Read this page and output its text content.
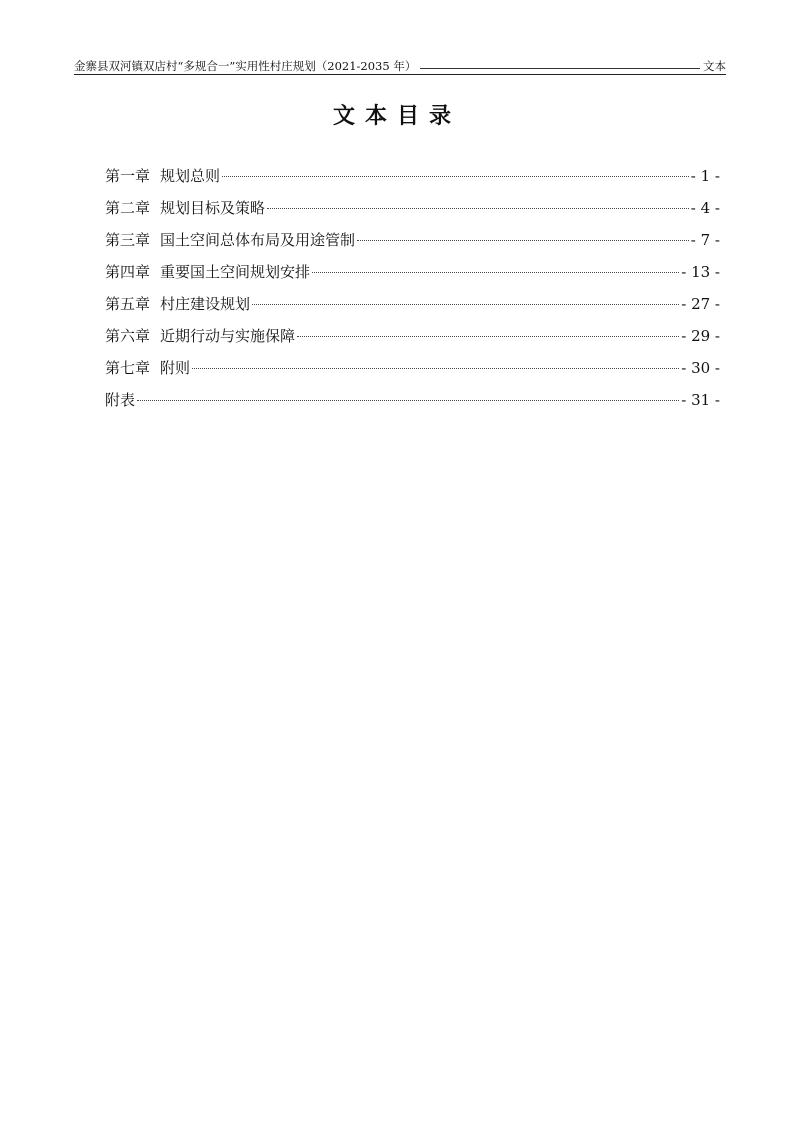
金寨县双河镇双店村“多规合一”实用性村庄规划（2021-2035 年）	文本
文本目录
第一章 规划总则	- 1 -
第二章 规划目标及策略	- 4 -
第三章 国土空间总体布局及用途管制	- 7 -
第四章 重要国土空间规划安排	- 13 -
第五章 村庄建设规划	- 27 -
第六章 近期行动与实施保障	- 29 -
第七章 附则	- 30 -
附表	- 31 -
